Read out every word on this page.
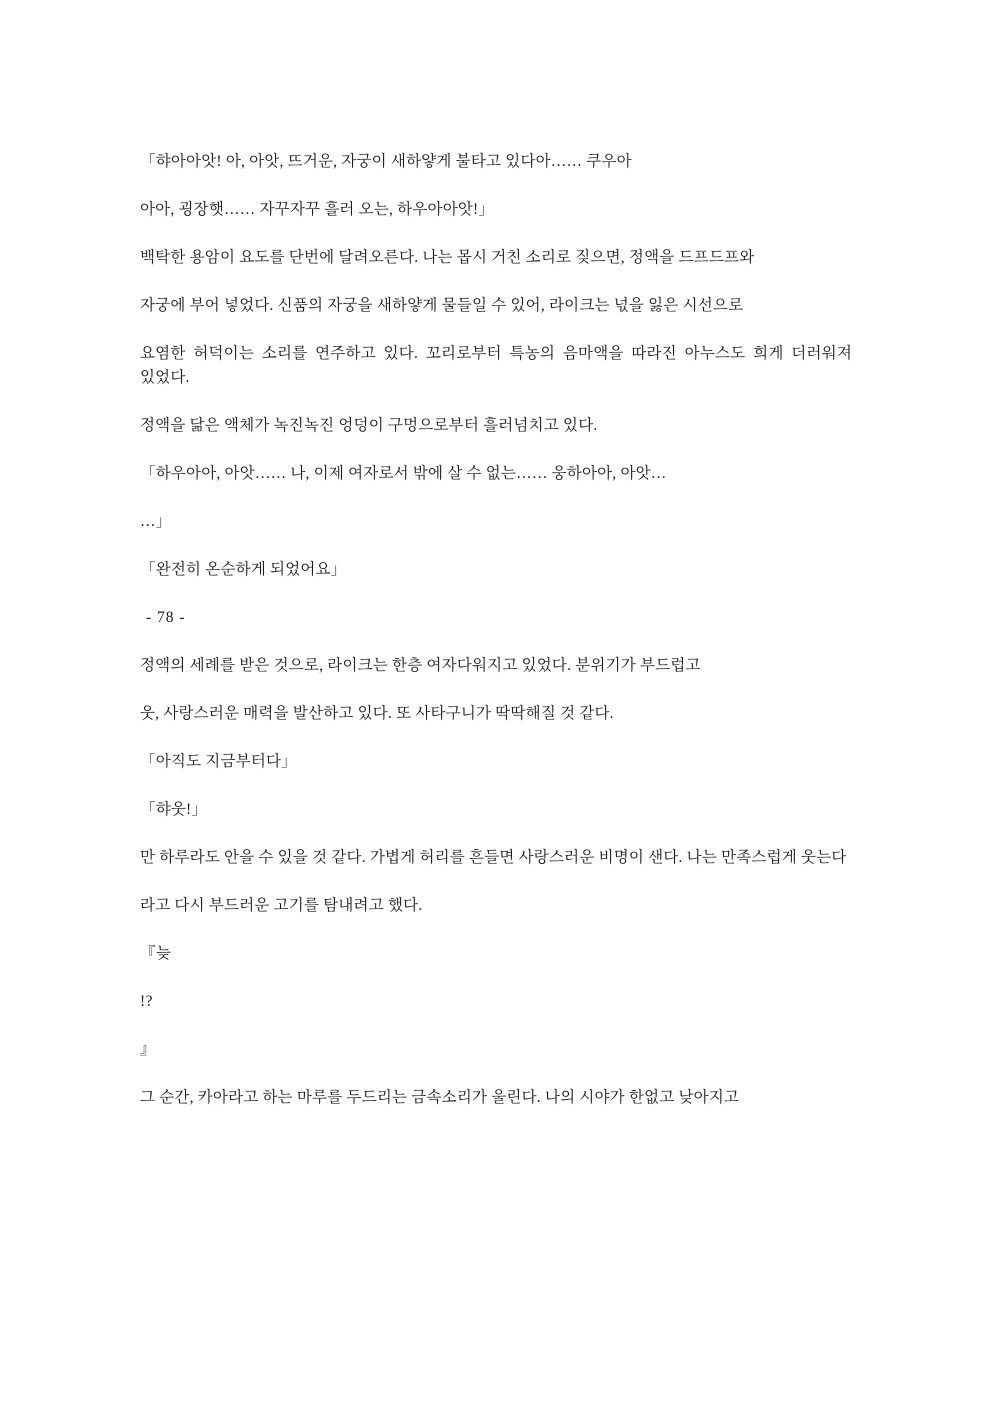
「햐아아앗! 아, 아앗, 뜨거운, 자궁이 새하얗게 불타고 있다아…… 쿠우아

아아, 굉장햇…… 자꾸자꾸 흘러 오는, 하우아아앗!」

백탁한 용암이 요도를 단번에 달려오른다. 나는 몹시 거친 소리로 짖으면, 정액을 드프드프와

자궁에 부어 넣었다. 신품의 자궁을 새하얗게 물들일 수 있어, 라이크는 넋을 잃은 시선으로

요염한 허덕이는 소리를 연주하고 있다. 꼬리로부터 특농의 음마액을 따라진 아누스도 희게 더러워져 있었다.

정액을 닮은 액체가 녹진녹진 엉덩이 구멍으로부터 흘러넘치고 있다.

「하우아아, 아앗…… 나, 이제 여자로서 밖에 살 수 없는…… 웅하아아, 아앗…

…」

「완전히 온순하게 되었어요」

- 78 -

정액의 세례를 받은 것으로, 라이크는 한층 여자다워지고 있었다. 분위기가 부드럽고

웃, 사랑스러운 매력을 발산하고 있다. 또 사타구니가 딱딱해질 것 같다.

「아직도 지금부터다」

「햐웃!」

만 하루라도 안을 수 있을 것 같다. 가볍게 허리를 흔들면 사랑스러운 비명이 샌다. 나는 만족스럽게 웃는다

라고 다시 부드러운 고기를 탐내려고 했다.

『늦

!?

』

그 순간, 카아라고 하는 마루를 두드리는 금속소리가 울린다. 나의 시야가 한없고 낮아지고
